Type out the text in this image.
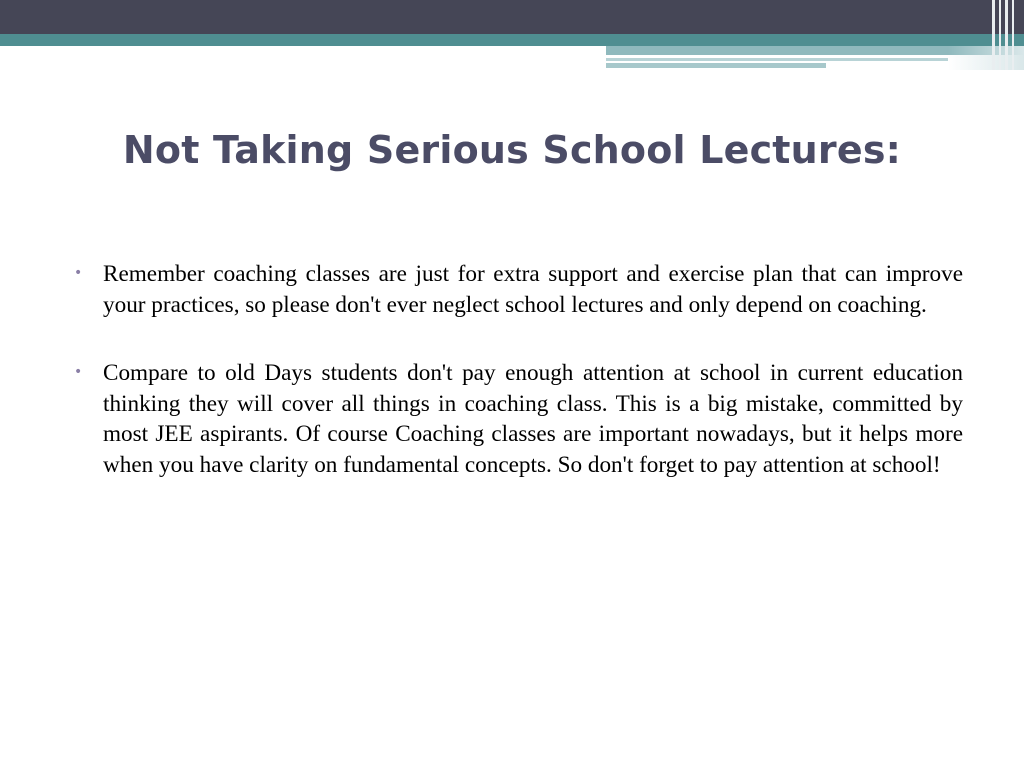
Not Taking Serious School Lectures:
• Remember coaching classes are just for extra support and exercise plan that can improve your practices, so please don't ever neglect school lectures and only depend on coaching.

• Compare to old Days students don't pay enough attention at school in current education thinking they will cover all things in coaching class. This is a big mistake, committed by most JEE aspirants. Of course Coaching classes are important nowadays, but it helps more when you have clarity on fundamental concepts. So don't forget to pay attention at school!
